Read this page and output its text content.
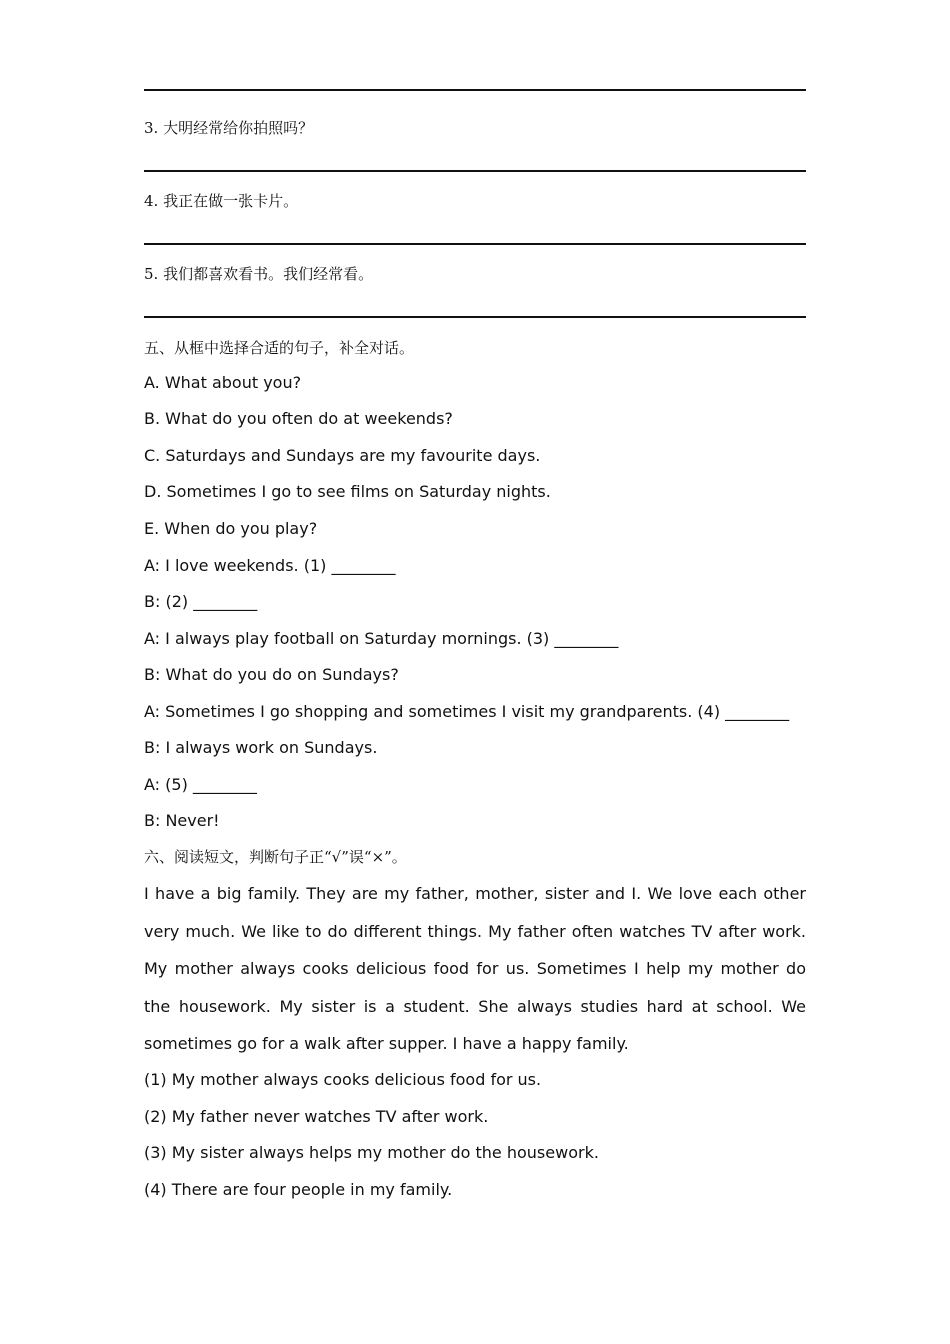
3. 大明经常给你拍照吗？
4. 我正在做一张卡片。
5. 我们都喜欢看书。我们经常看。
五、从框中选择合适的句子，补全对话。
A. What about you?
B. What do you often do at weekends?
C. Saturdays and Sundays are my favourite days.
D. Sometimes I go to see films on Saturday nights.
E. When do you play?
A: I love weekends. (1) ________
B: (2) ________
A: I always play football on Saturday mornings. (3) ________
B: What do you do on Sundays?
A: Sometimes I go shopping and sometimes I visit my grandparents. (4) ________
B: I always work on Sundays.
A: (5) ________
B: Never!
六、阅读短文，判断句子正“√”误“×”。
I have a big family. They are my father, mother, sister and I. We love each other very much. We like to do different things. My father often watches TV after work. My mother always cooks delicious food for us. Sometimes I help my mother do the housework. My sister is a student. She always studies hard at school. We sometimes go for a walk after supper. I have a happy family.
(1) My mother always cooks delicious food for us.
(2) My father never watches TV after work.
(3) My sister always helps my mother do the housework.
(4) There are four people in my family.
